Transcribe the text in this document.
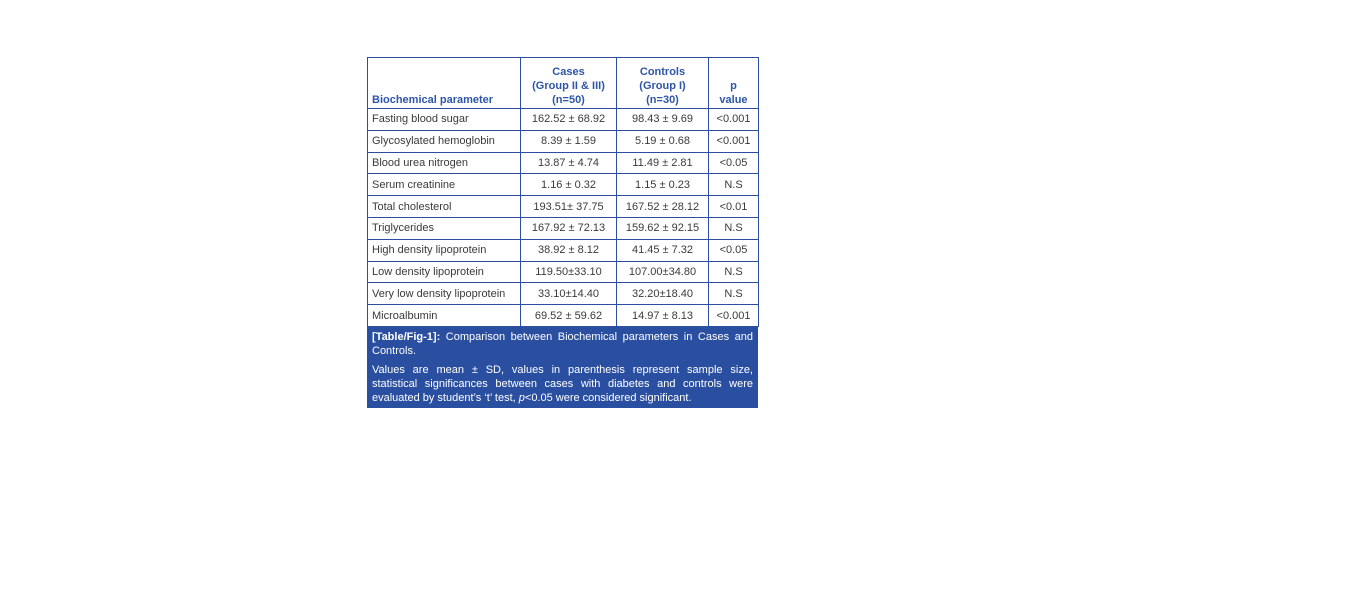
Biochemical parameter	Cases
(Group II & III)
(n=50)	Controls
(Group I)
(n=30)	p
value

Fasting blood sugar	162.52 ± 68.92	98.43 ± 9.69	<0.001
Glycosylated hemoglobin	8.39 ± 1.59	5.19 ± 0.68	<0.001
Blood urea nitrogen	13.87 ± 4.74	11.49 ± 2.81	<0.05
Serum creatinine	1.16 ± 0.32	1.15 ± 0.23	N.S
Total cholesterol	193.51± 37.75	167.52 ± 28.12	<0.01
Triglycerides	167.92 ± 72.13	159.62 ± 92.15	N.S
High density lipoprotein	38.92 ± 8.12	41.45 ± 7.32	<0.05
Low density lipoprotein	119.50±33.10	107.00±34.80	N.S
Very low density lipoprotein	33.10±14.40	32.20±18.40	N.S
Microalbumin	69.52 ± 59.62	14.97 ± 8.13	<0.001

[Table/Fig-1]: Comparison between Biochemical parameters in Cases and Controls.

Values are mean ± SD, values in parenthesis represent sample size, statistical significances between cases with diabetes and controls were evaluated by student’s ‘t’ test, p<0.05 were considered significant.
